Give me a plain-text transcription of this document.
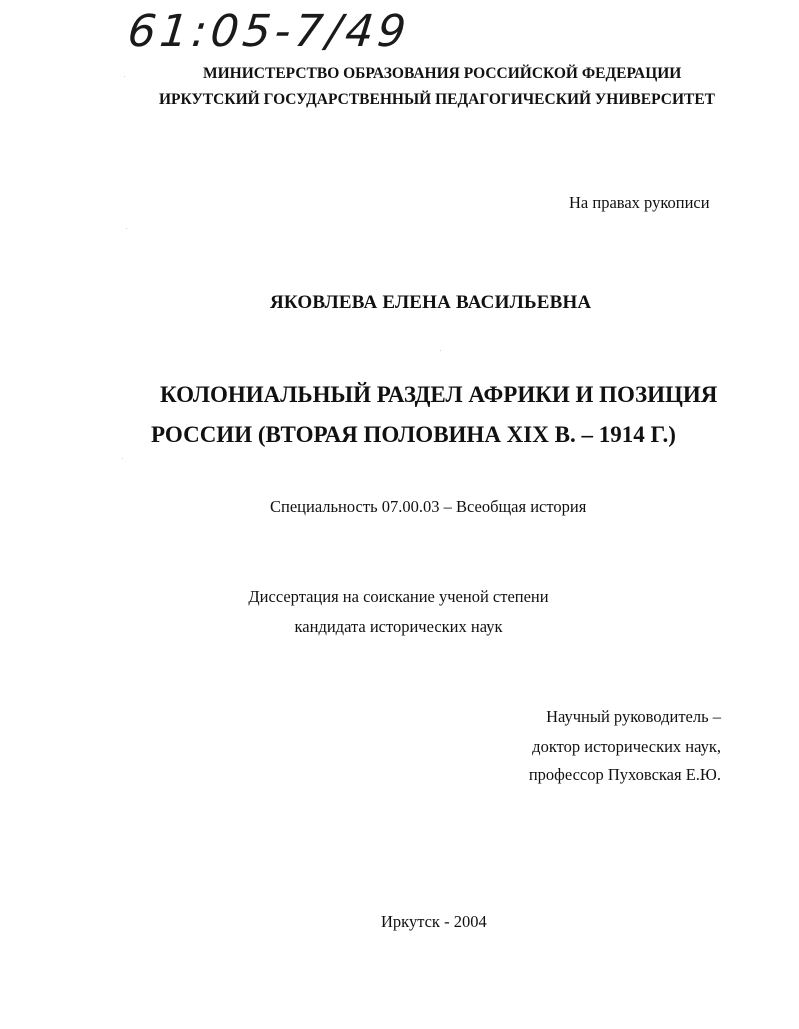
61:05-7/49
МИНИСТЕРСТВО ОБРАЗОВАНИЯ РОССИЙСКОЙ ФЕДЕРАЦИИ
ИРКУТСКИЙ ГОСУДАРСТВЕННЫЙ ПЕДАГОГИЧЕСКИЙ УНИВЕРСИТЕТ
На правах рукописи
ЯКОВЛЕВА ЕЛЕНА ВАСИЛЬЕВНА
КОЛОНИАЛЬНЫЙ РАЗДЕЛ АФРИКИ И ПОЗИЦИЯ
РОССИИ (ВТОРАЯ ПОЛОВИНА XIX В. – 1914 Г.)
Специальность 07.00.03 – Всеобщая история
Диссертация на соискание ученой степени
кандидата исторических наук
Научный руководитель –
доктор исторических наук,
профессор Пуховская Е.Ю.
Иркутск - 2004
